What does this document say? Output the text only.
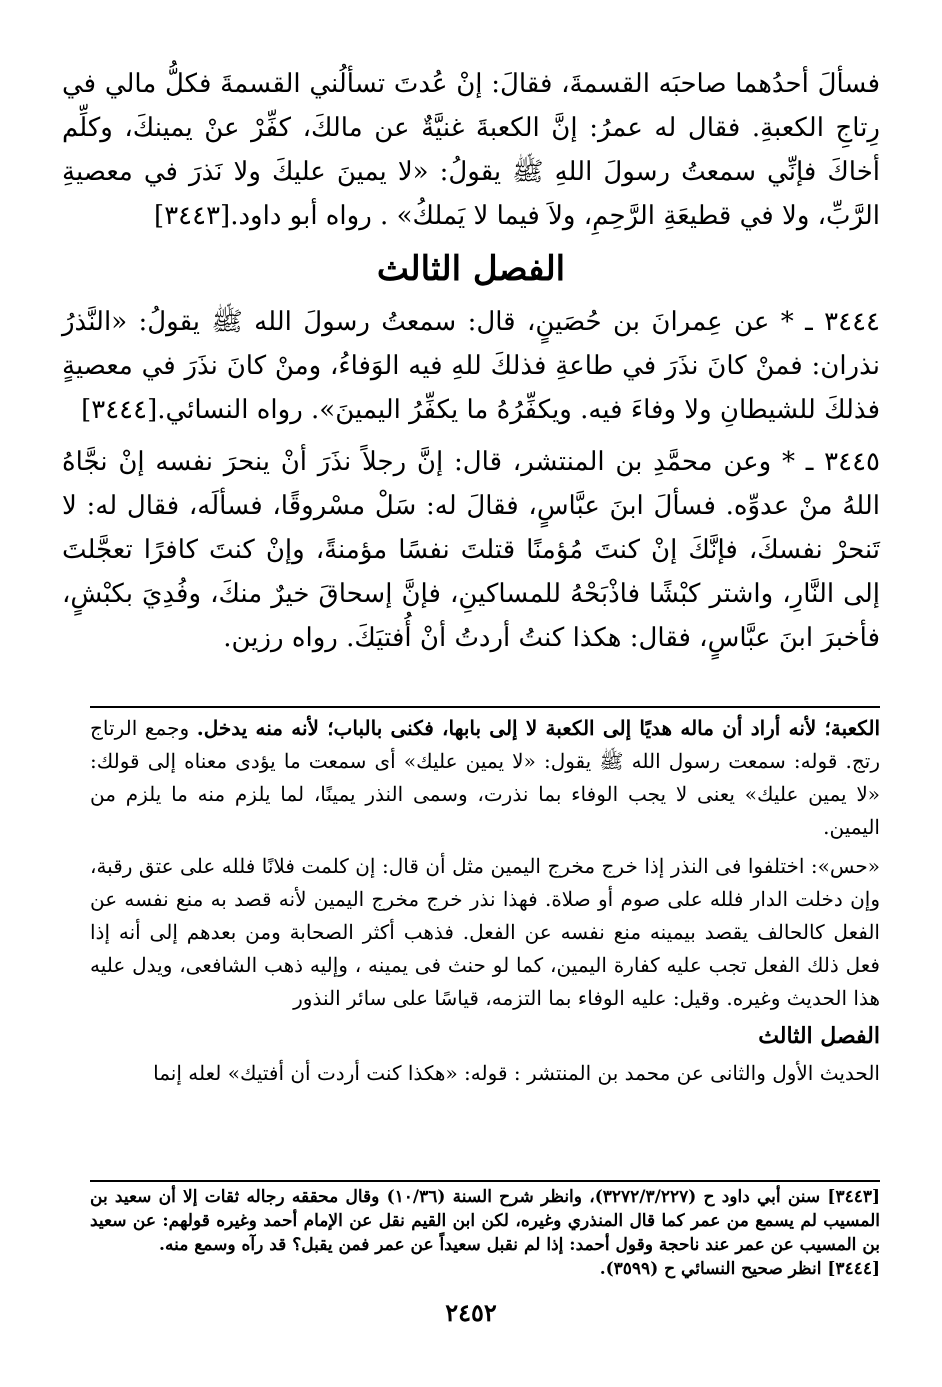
فسألَ أحدُهما صاحبَه القسمةَ، فقالَ: إنْ عُدتَ تسألُني القسمةَ فكلُّ مالي في رِتاجِ الكعبةِ. فقال له عمرُ: إنَّ الكعبةَ غنيَّةٌ عن مالكَ، كفِّرْ عنْ يمينكَ، وكلِّم أخاكَ فإنِّي سمعتُ رسولَ اللهِ ﷺ يقولُ: «لا يمينَ عليكَ ولا نَذرَ في معصيةِ الرَّبِّ، ولا في قطيعَةِ الرَّحِمِ، ولاَ فيما لا يَملكُ» . رواه أبو داود.[٣٤٤٣]

الفصل الثالث

٣٤٤٤ ـ * عن عِمرانَ بن حُصَينٍ، قال: سمعتُ رسولَ الله ﷺ يقولُ: «النَّذرُ نذران: فمنْ كانَ نذَرَ في طاعةِ فذلكَ للهِ فيه الوَفاءُ، ومنْ كانَ نذَرَ في معصيةٍ فذلكَ للشيطانِ ولا وفاءَ فيه. ويكفِّرُهُ ما يكفِّرُ اليمينَ». رواه النسائي.[٣٤٤٤]

٣٤٤٥ ـ * وعن محمَّدِ بن المنتشر، قال: إنَّ رجلاً نذَرَ أنْ ينحرَ نفسه إنْ نجَّاهُ اللهُ منْ عدوِّه. فسألَ ابنَ عبَّاسٍ، فقالَ له: سَلْ مسْروقًا، فسألَه، فقال له: لا تَنحرْ نفسكَ، فإنَّكَ إنْ كنتَ مُؤمنًا قتلتَ نفسًا مؤمنةً، وإنْ كنتَ كافرًا تعجَّلتَ إلى النَّارِ، واشتر كبْشًا فاذْبَحْهُ للمساكينِ، فإنَّ إسحاقَ خيرٌ منكَ، وفُدِيَ بكبْشٍ، فأخبرَ ابنَ عبَّاسٍ، فقال: هكذا كنتُ أردتُ أنْ أُفتيَكَ. رواه رزين.

الكعبة؛ لأنه أراد أن ماله هديًا إلى الكعبة لا إلى بابها، فكنى بالباب؛ لأنه منه يدخل. وجمع الرتاج رتج. قوله: سمعت رسول الله ﷺ يقول: «لا يمين عليك» أى سمعت ما يؤدى معناه إلى قولك: «لا يمين عليك» يعنى لا يجب الوفاء بما نذرت، وسمى النذر يمينًا، لما يلزم منه ما يلزم من اليمين.

«حس»: اختلفوا فى النذر إذا خرج مخرج اليمين مثل أن قال: إن كلمت فلانًا فلله على عتق رقبة، وإن دخلت الدار فلله على صوم أو صلاة. فهذا نذر خرج مخرج اليمين لأنه قصد به منع نفسه عن الفعل كالحالف يقصد بيمينه منع نفسه عن الفعل. فذهب أكثر الصحابة ومن بعدهم إلى أنه إذا فعل ذلك الفعل تجب عليه كفارة اليمين، كما لو حنث فى يمينه ، وإليه ذهب الشافعى، ويدل عليه هذا الحديث وغيره. وقيل: عليه الوفاء بما التزمه، قياسًا على سائر النذور

الفصل الثالث

الحديث الأول والثانى عن محمد بن المنتشر : قوله: «هكذا كنت أردت أن أفتيك» لعله إنما

[٣٤٤٣] سنن أبي داود ح (٣٢٧٢/٣/٢٢٧)، وانظر شرح السنة (١٠/٣٦) وقال محققه رجاله ثقات إلا أن سعيد بن المسيب لم يسمع من عمر كما قال المنذري وغيره، لكن ابن القيم نقل عن الإمام أحمد وغيره قولهم: عن سعيد بن المسيب عن عمر عند ناحجة وقول أحمد: إذا لم نقبل سعيداً عن عمر فمن يقبل؟ قد رآه وسمع منه.

[٣٤٤٤] انظر صحيح النسائي ح (٣٥٩٩).

٢٤٥٢
